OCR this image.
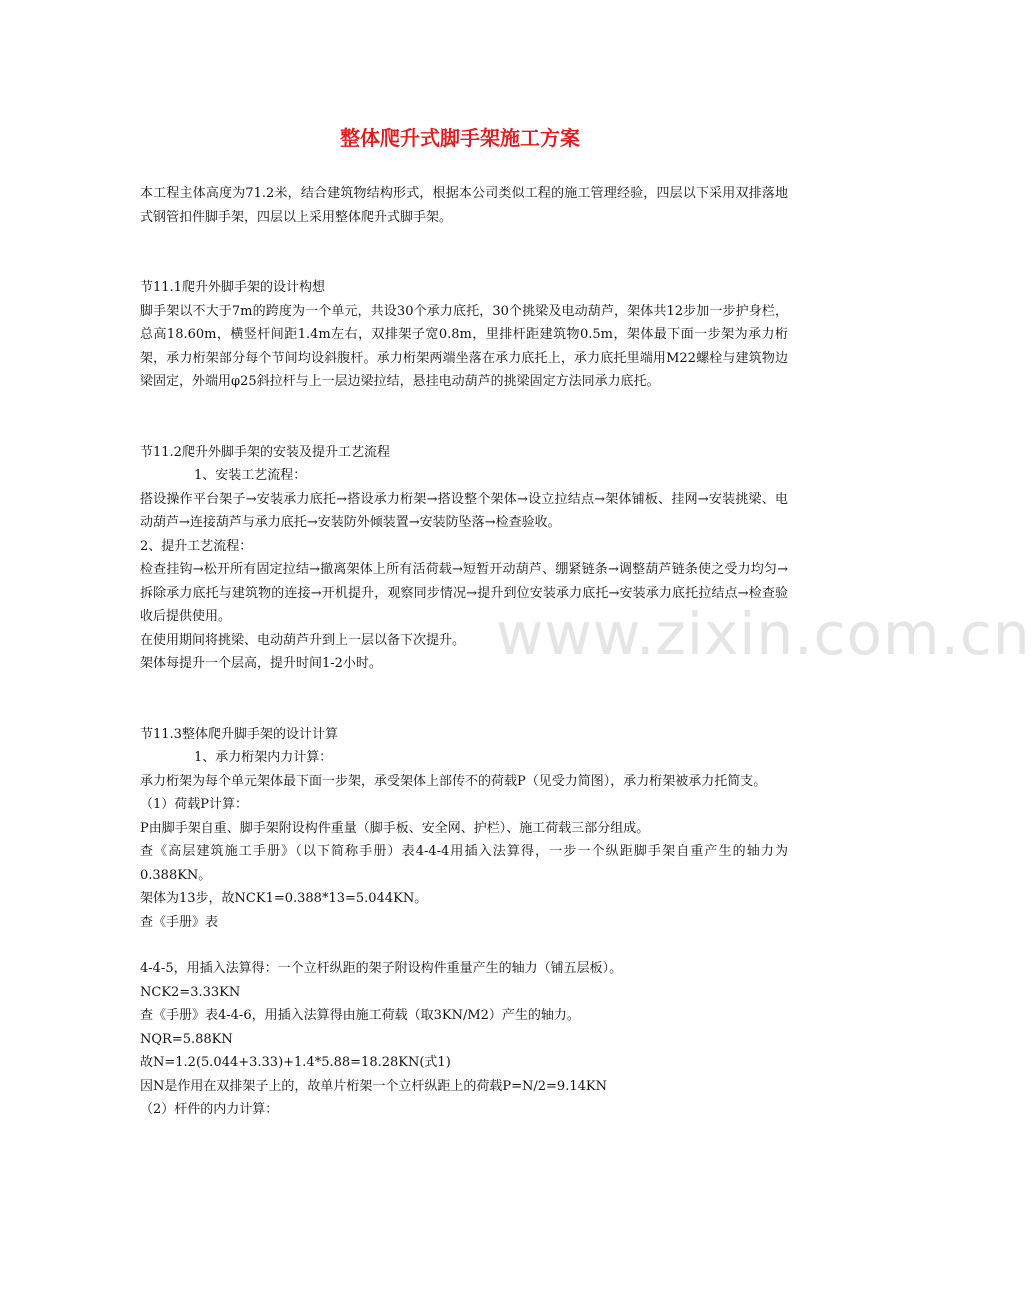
www.zixin.com.cn
整体爬升式脚手架施工方案

本工程主体高度为71.2米，结合建筑物结构形式，根据本公司类似工程的施工管理经验，四层以下采用双排落地式钢管扣件脚手架，四层以上采用整体爬升式脚手架。

节11.1爬升外脚手架的设计构想

脚手架以不大于7m的跨度为一个单元，共设30个承力底托，30个挑梁及电动葫芦，架体共12步加一步护身栏，总高18.60m，横竖杆间距1.4m左右，双排架子宽0.8m，里排杆距建筑物0.5m，架体最下面一步架为承力桁架，承力桁架部分每个节间均设斜腹杆。承力桁架两端坐落在承力底托上，承力底托里端用M22螺栓与建筑物边梁固定，外端用φ25斜拉杆与上一层边梁拉结，悬挂电动葫芦的挑梁固定方法同承力底托。

节11.2爬升外脚手架的安装及提升工艺流程

1、安装工艺流程：

搭设操作平台架子→安装承力底托→搭设承力桁架→搭设整个架体→设立拉结点→架体铺板、挂网→安装挑梁、电动葫芦→连接葫芦与承力底托→安装防外倾装置→安装防坠落→检查验收。

2、提升工艺流程：

检查挂钩→松开所有固定拉结→撤离架体上所有活荷载→短暂开动葫芦、绷紧链条→调整葫芦链条使之受力均匀→拆除承力底托与建筑物的连接→开机提升，观察同步情况→提升到位安装承力底托→安装承力底托拉结点→检查验收后提供使用。

在使用期间将挑梁、电动葫芦升到上一层以备下次提升。

架体每提升一个层高，提升时间1-2小时。

节11.3整体爬升脚手架的设计计算

1、承力桁架内力计算：

承力桁架为每个单元架体最下面一步架，承受架体上部传不的荷载P（见受力简图），承力桁架被承力托简支。

（1）荷载P计算：

P由脚手架自重、脚手架附设构件重量（脚手板、安全网、护栏）、施工荷载三部分组成。

查《高层建筑施工手册》（以下简称手册）表4-4-4用插入法算得，一步一个纵距脚手架自重产生的轴力为0.388KN。

架体为13步，故NCK1=0.388*13=5.044KN。

查《手册》表

4-4-5，用插入法算得：一个立杆纵距的架子附设构件重量产生的轴力（铺五层板）。

NCK2=3.33KN

查《手册》表4-4-6，用插入法算得由施工荷载（取3KN/M2）产生的轴力。

NQR=5.88KN

故N=1.2(5.044+3.33)+1.4*5.88=18.28KN(式1)

因N是作用在双排架子上的，故单片桁架一个立杆纵距上的荷载P=N/2=9.14KN

（2）杆件的内力计算：
